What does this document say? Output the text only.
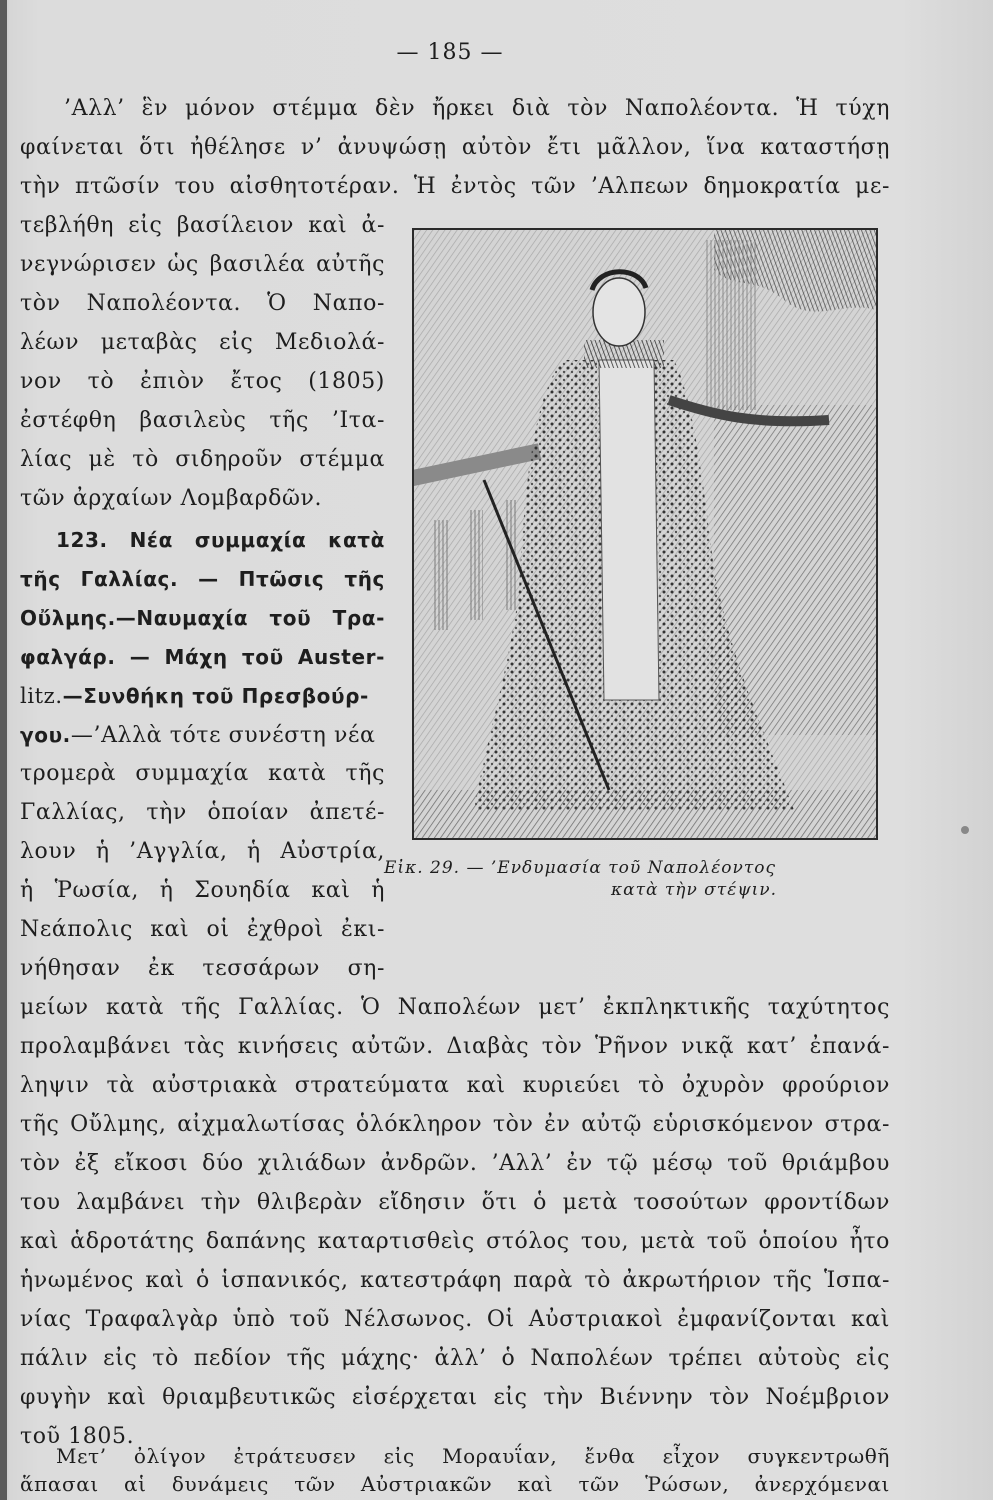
— 185 —
’Αλλ’ ἓν μόνον στέμμα δὲν ἤρκει διὰ τὸν Ναπολέοντα. Ἡ τύχη
φαίνεται ὅτι ἠθέλησε ν’ ἀνυψώσῃ αὐτὸν ἔτι μᾶλλον, ἵνα καταστήσῃ
τὴν πτῶσίν του αἰσθητοτέραν. Ἡ ἐντὸς τῶν ’Αλπεων δημοκρατία με-
τεβλήθη εἰς βασίλειον καὶ ἀ-
νεγνώρισεν ὡς βασιλέα αὐτῆς
τὸν Ναπολέοντα. Ὁ Ναπο-
λέων μεταβὰς εἰς Μεδιολά-
νον τὸ ἐπιὸν ἔτος (1805)
ἐστέφθη βασιλεὺς τῆς ’Ιτα-
λίας μὲ τὸ σιδηροῦν στέμμα
τῶν ἀρχαίων Λομβαρδῶν.
123. Νέα συμμαχία κατὰ
τῆς Γαλλίας. — Πτῶσις τῆς
Οὔλμης.—Ναυμαχία τοῦ Τρα-
φαλγάρ. — Μάχη τοῦ Auster-
litz.—Συνθήκη τοῦ Πρεσβούρ-
γου.—’Αλλὰ τότε συνέστη νέα
τρομερὰ συμμαχία κατὰ τῆς
Γαλλίας, τὴν ὁποίαν ἀπετέ-
λουν ἡ ’Αγγλία, ἡ Αὐστρία,
ἡ Ῥωσία, ἡ Σουηδία καὶ ἡ
Νεάπολις καὶ οἱ ἐχθροὶ ἐκι-
νήθησαν ἐκ τεσσάρων ση-
μείων κατὰ τῆς Γαλλίας. Ὁ Ναπολέων μετ’ ἐκπληκτικῆς ταχύτητος
προλαμβάνει τὰς κινήσεις αὐτῶν. Διαβὰς τὸν Ῥῆνον νικᾷ κατ’ ἐπανά-
ληψιν τὰ αὐστριακὰ στρατεύματα καὶ κυριεύει τὸ ὀχυρὸν φρούριον
τῆς Οὔλμης, αἰχμαλωτίσας ὁλόκληρον τὸν ἐν αὐτῷ εὑρισκόμενον στρα-
τὸν ἐξ εἴκοσι δύο χιλιάδων ἀνδρῶν. ’Αλλ’ ἐν τῷ μέσῳ τοῦ θριάμβου
του λαμβάνει τὴν θλιβερὰν εἴδησιν ὅτι ὁ μετὰ τοσούτων φροντίδων
καὶ ἁδροτάτης δαπάνης καταρτισθεὶς στόλος του, μετὰ τοῦ ὁποίου ἦτο
ἡνωμένος καὶ ὁ ἱσπανικός, κατεστράφη παρὰ τὸ ἀκρωτήριον τῆς Ἱσπα-
νίας Τραφαλγὰρ ὑπὸ τοῦ Νέλσωνος. Οἱ Αὐστριακοὶ ἐμφανίζονται καὶ
πάλιν εἰς τὸ πεδίον τῆς μάχης· ἀλλ’ ὁ Ναπολέων τρέπει αὐτοὺς εἰς
φυγὴν καὶ θριαμβευτικῶς εἰσέρχεται εἰς τὴν Βιέννην τὸν Νοέμβριον
τοῦ 1805.
Εἰκ. 29. — ’Ενδυμασία τοῦ Ναπολέοντος
κατὰ τὴν στέψιν.
Μετ’ ὀλίγον ἐτράτευσεν εἰς Μοραυΐαν, ἔνθα εἶχον συγκεντρωθῆ
ἅπασαι αἱ δυνάμεις τῶν Αὐστριακῶν καὶ τῶν Ῥώσων, ἀνερχόμεναι
